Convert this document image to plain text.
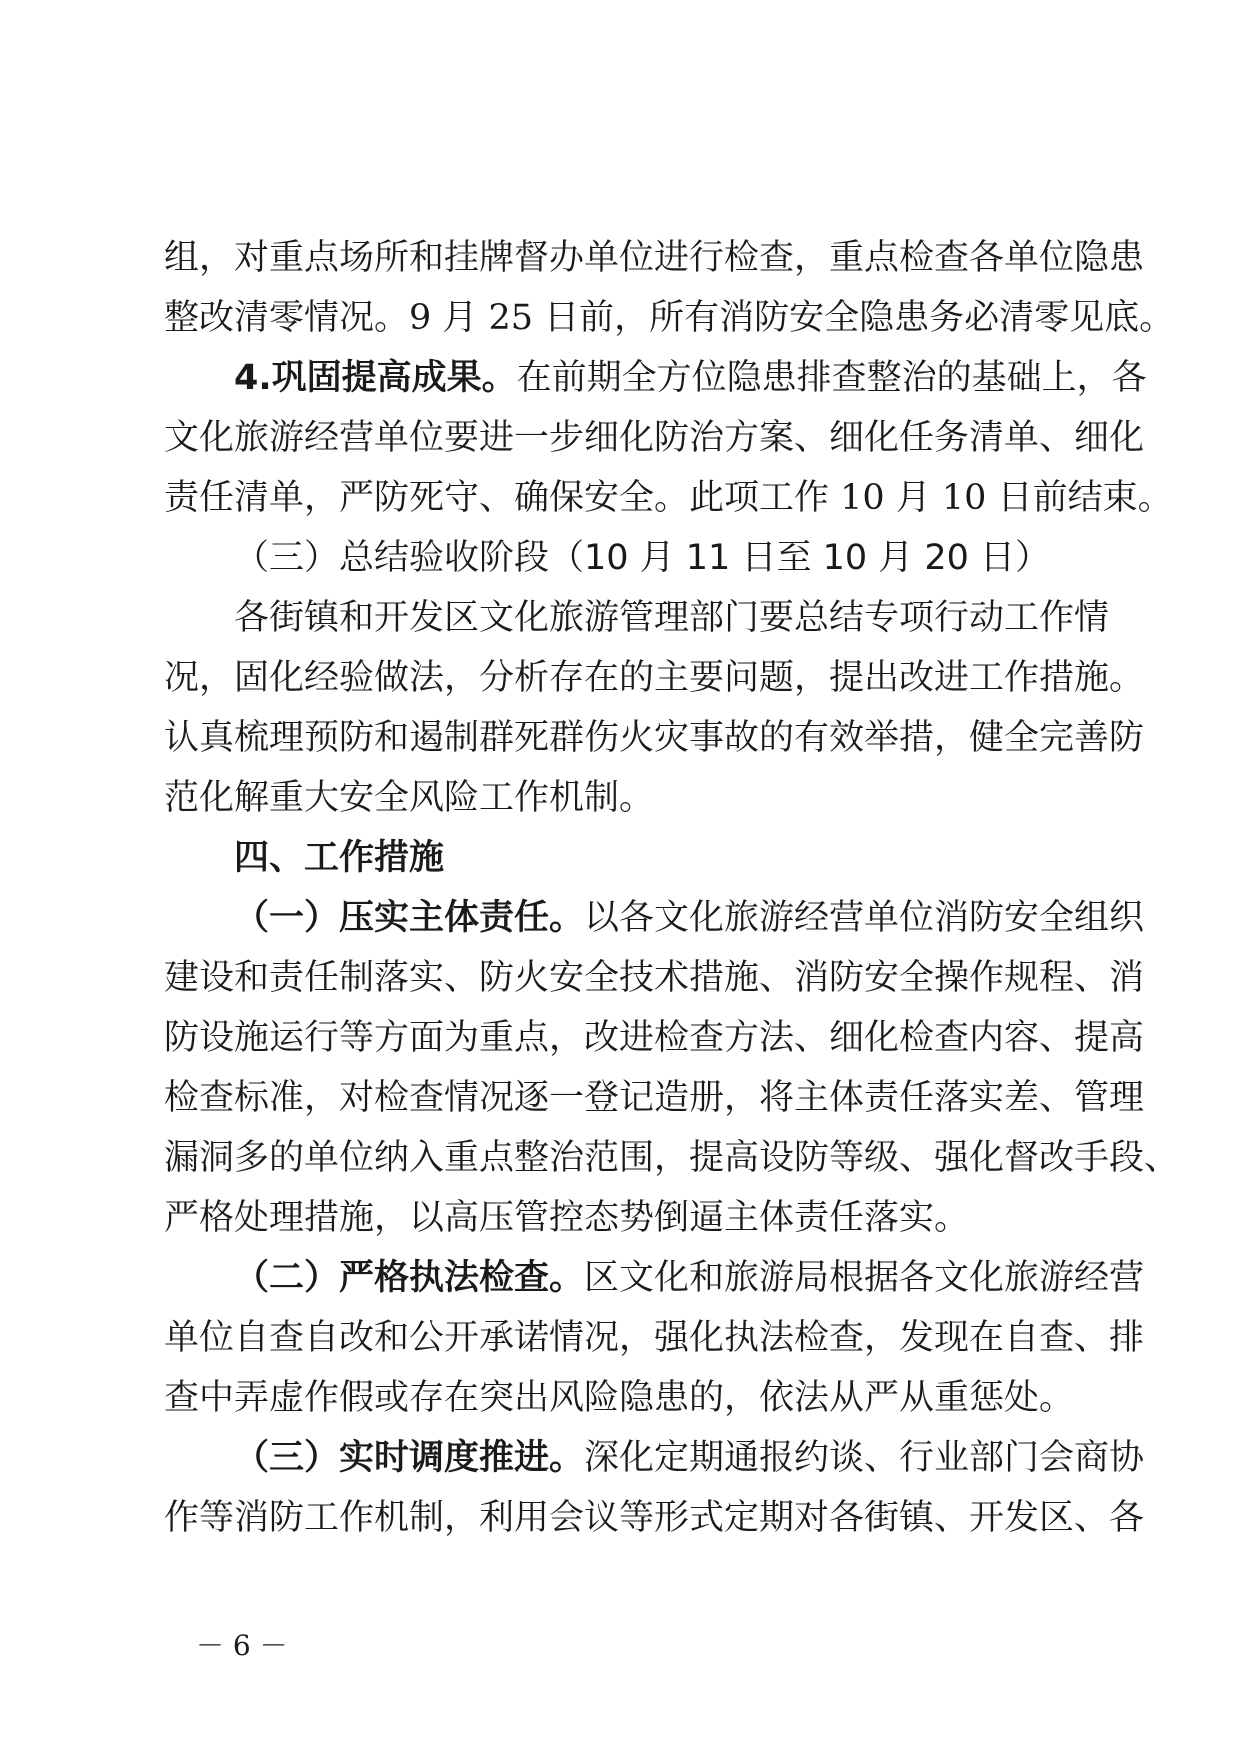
组，对重点场所和挂牌督办单位进行检查，重点检查各单位隐患
整改清零情况。9 月 25 日前，所有消防安全隐患务必清零见底。
4.巩固提高成果。在前期全方位隐患排查整治的基础上，各
文化旅游经营单位要进一步细化防治方案、细化任务清单、细化
责任清单，严防死守、确保安全。此项工作 10 月 10 日前结束。
（三）总结验收阶段（10 月 11 日至 10 月 20 日）
各街镇和开发区文化旅游管理部门要总结专项行动工作情
况，固化经验做法，分析存在的主要问题，提出改进工作措施。
认真梳理预防和遏制群死群伤火灾事故的有效举措，健全完善防
范化解重大安全风险工作机制。
四、工作措施
（一）压实主体责任。以各文化旅游经营单位消防安全组织
建设和责任制落实、防火安全技术措施、消防安全操作规程、消
防设施运行等方面为重点，改进检查方法、细化检查内容、提高
检查标准，对检查情况逐一登记造册，将主体责任落实差、管理
漏洞多的单位纳入重点整治范围，提高设防等级、强化督改手段、
严格处理措施，以高压管控态势倒逼主体责任落实。
（二）严格执法检查。区文化和旅游局根据各文化旅游经营
单位自查自改和公开承诺情况，强化执法检查，发现在自查、排
查中弄虚作假或存在突出风险隐患的，依法从严从重惩处。
（三）实时调度推进。深化定期通报约谈、行业部门会商协
作等消防工作机制，利用会议等形式定期对各街镇、开发区、各
－ 6 －
